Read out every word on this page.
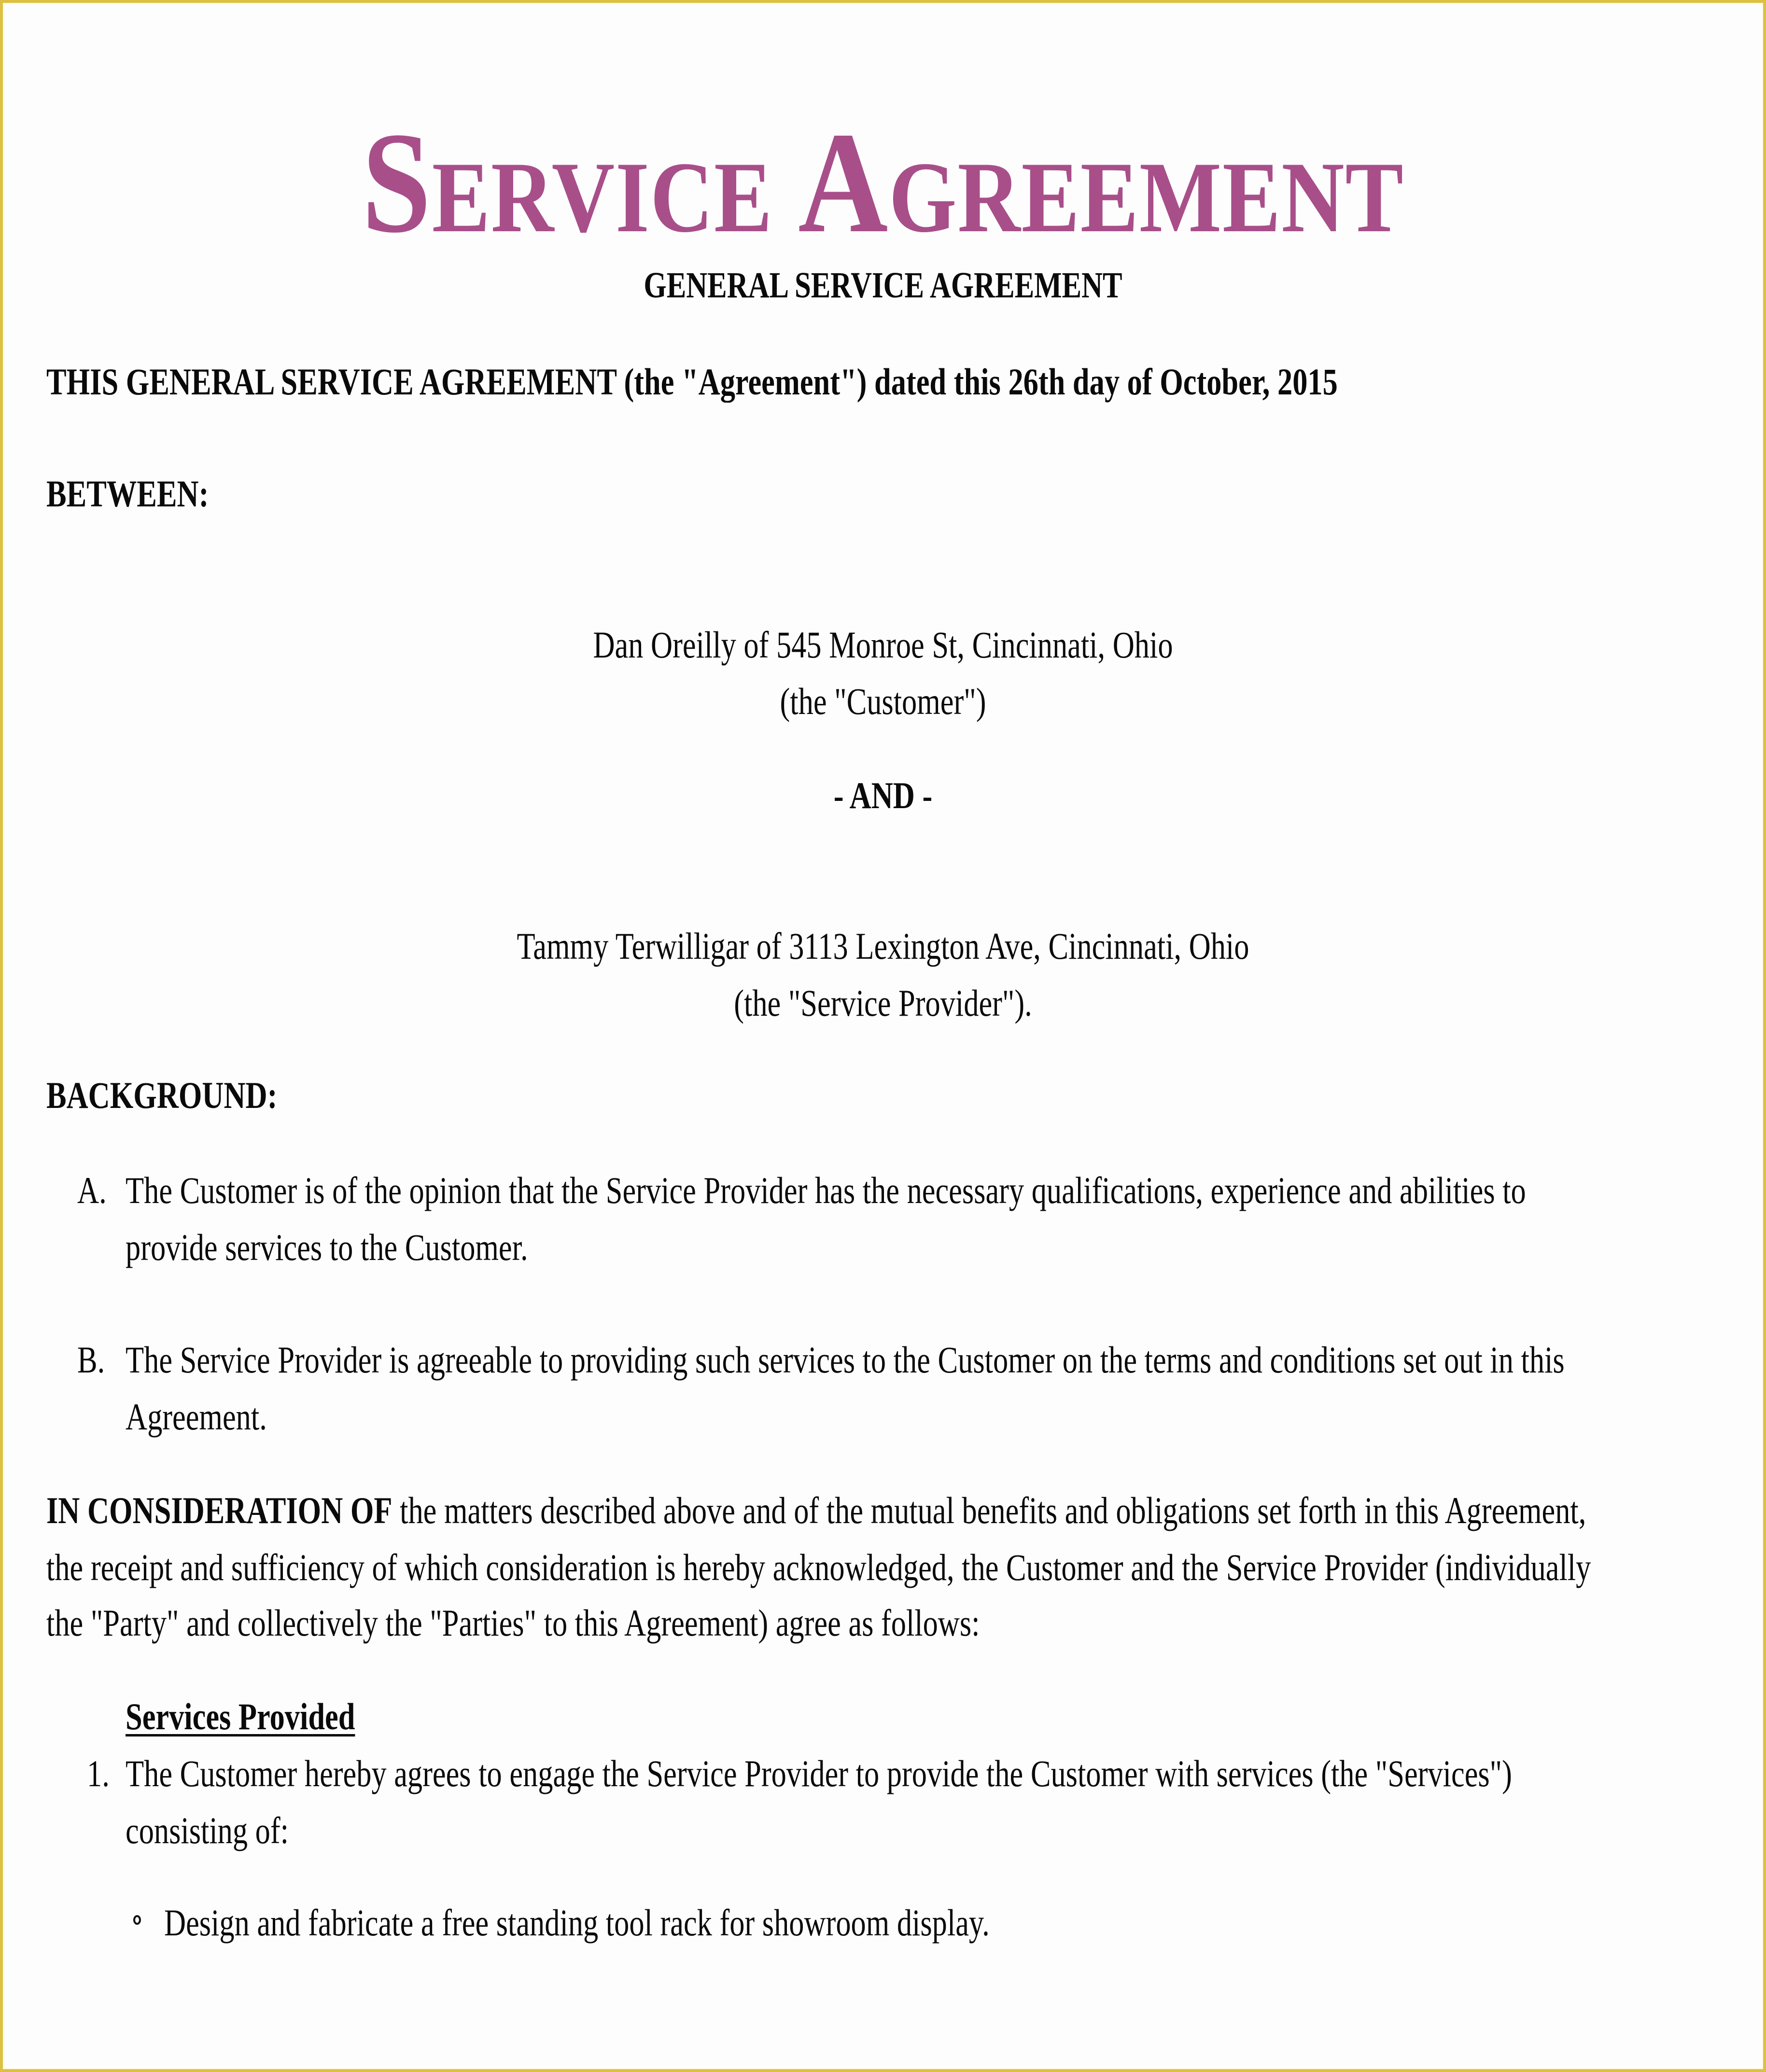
Service Agreement
GENERAL SERVICE AGREEMENT
THIS GENERAL SERVICE AGREEMENT (the "Agreement") dated this 26th day of October, 2015
BETWEEN:
Dan Oreilly of 545 Monroe St, Cincinnati, Ohio
(the "Customer")
- AND -
Tammy Terwilligar of 3113 Lexington Ave, Cincinnati, Ohio
(the "Service Provider").
BACKGROUND:
A. The Customer is of the opinion that the Service Provider has the necessary qualifications, experience and abilities to
provide services to the Customer.
B. The Service Provider is agreeable to providing such services to the Customer on the terms and conditions set out in this
Agreement.
IN CONSIDERATION OF the matters described above and of the mutual benefits and obligations set forth in this Agreement,
the receipt and sufficiency of which consideration is hereby acknowledged, the Customer and the Service Provider (individually
the "Party" and collectively the "Parties" to this Agreement) agree as follows:
Services Provided
1. The Customer hereby agrees to engage the Service Provider to provide the Customer with services (the "Services")
consisting of:
Design and fabricate a free standing tool rack for showroom display.
